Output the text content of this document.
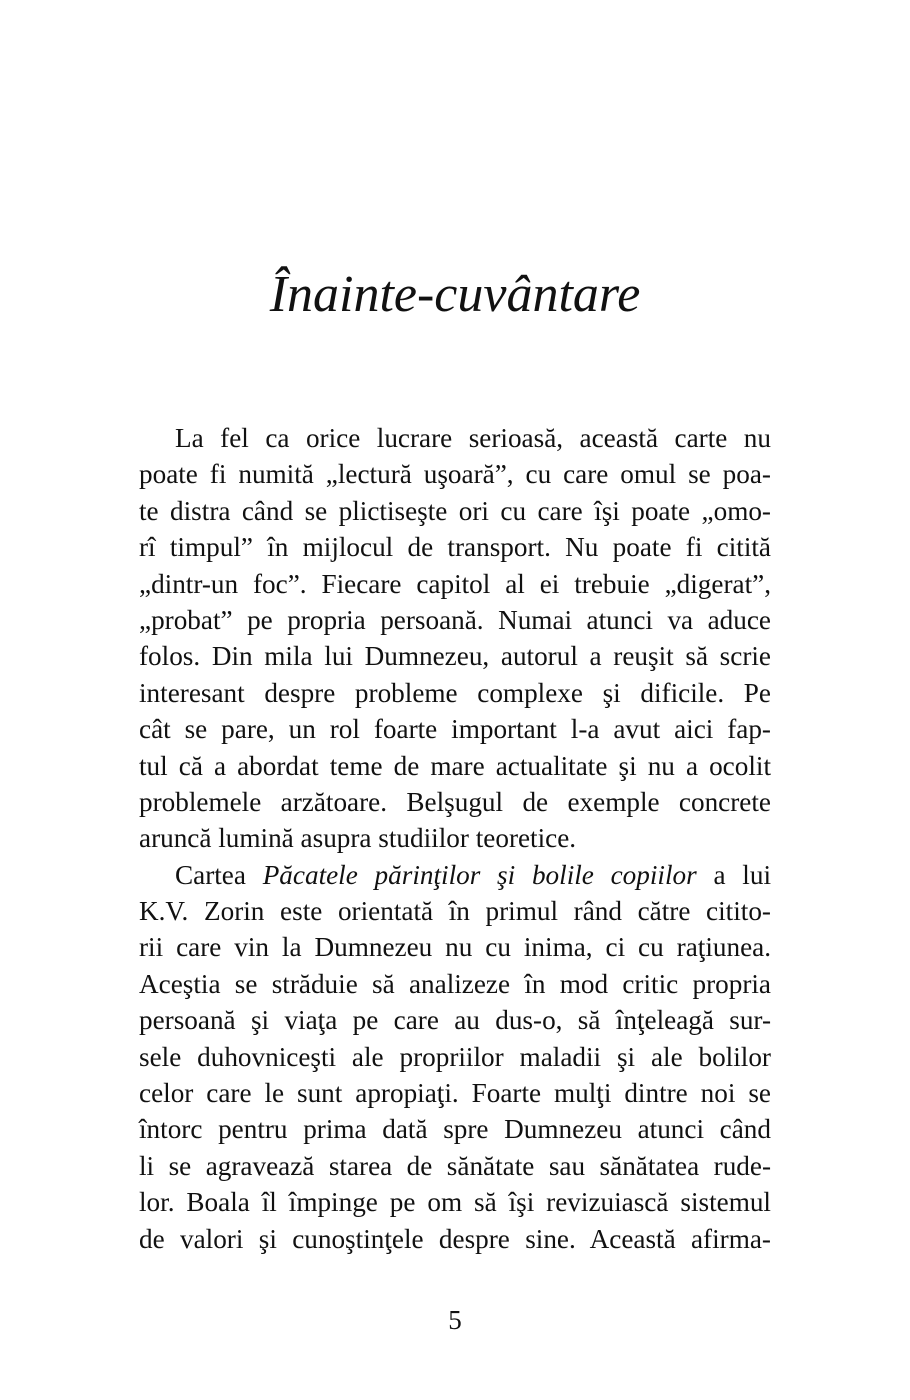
Înainte-cuvântare
La fel ca orice lucrare serioasă, această carte nu
poate fi numită „lectură uşoară”, cu care omul se poa-
te distra când se plictiseşte ori cu care îşi poate „omo-
rî timpul” în mijlocul de transport. Nu poate fi citită
„dintr-un foc”. Fiecare capitol al ei trebuie „digerat”,
„probat” pe propria persoană. Numai atunci va aduce
folos. Din mila lui Dumnezeu, autorul a reuşit să scrie
interesant despre probleme complexe şi dificile. Pe
cât se pare, un rol foarte important l-a avut aici fap-
tul că a abordat teme de mare actualitate şi nu a ocolit
problemele arzătoare. Belşugul de exemple concrete
aruncă lumină asupra studiilor teoretice.
Cartea Păcatele părinţilor şi bolile copiilor a lui
K.V. Zorin este orientată în primul rând către citito-
rii care vin la Dumnezeu nu cu inima, ci cu raţiunea.
Aceştia se străduie să analizeze în mod critic propria
persoană şi viaţa pe care au dus-o, să înţeleagă sur-
sele duhovniceşti ale propriilor maladii şi ale bolilor
celor care le sunt apropiaţi. Foarte mulţi dintre noi se
întorc pentru prima dată spre Dumnezeu atunci când
li se agravează starea de sănătate sau sănătatea rude-
lor. Boala îl împinge pe om să îşi revizuiască sistemul
de valori şi cunoştinţele despre sine. Această afirma-
5
